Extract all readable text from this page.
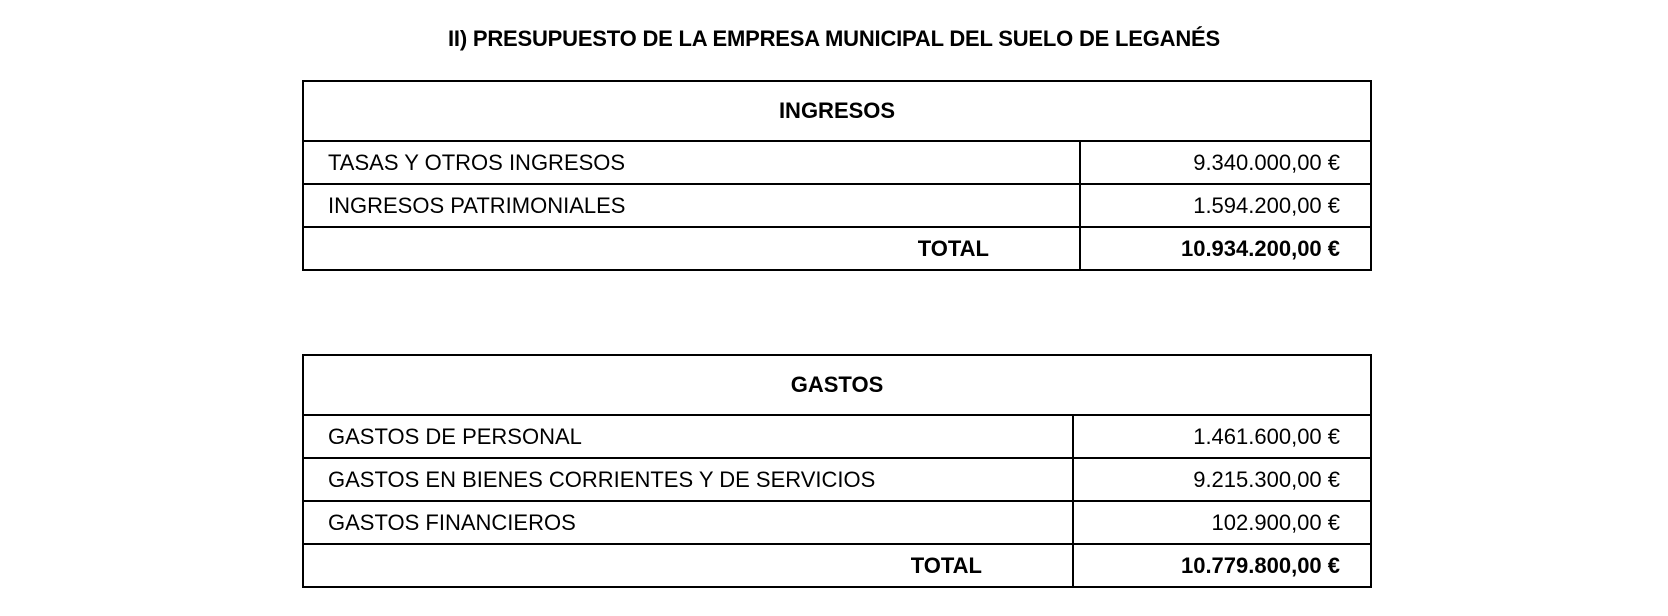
II) PRESUPUESTO DE LA EMPRESA MUNICIPAL DEL SUELO DE LEGANÉS
INGRESOS	
TASAS Y OTROS INGRESOS	9.340.000,00 €
INGRESOS PATRIMONIALES	1.594.200,00 €
TOTAL	10.934.200,00 €
GASTOS	
GASTOS DE PERSONAL	1.461.600,00 €
GASTOS EN BIENES CORRIENTES Y DE SERVICIOS	9.215.300,00 €
GASTOS FINANCIEROS	102.900,00 €
TOTAL	10.779.800,00 €
